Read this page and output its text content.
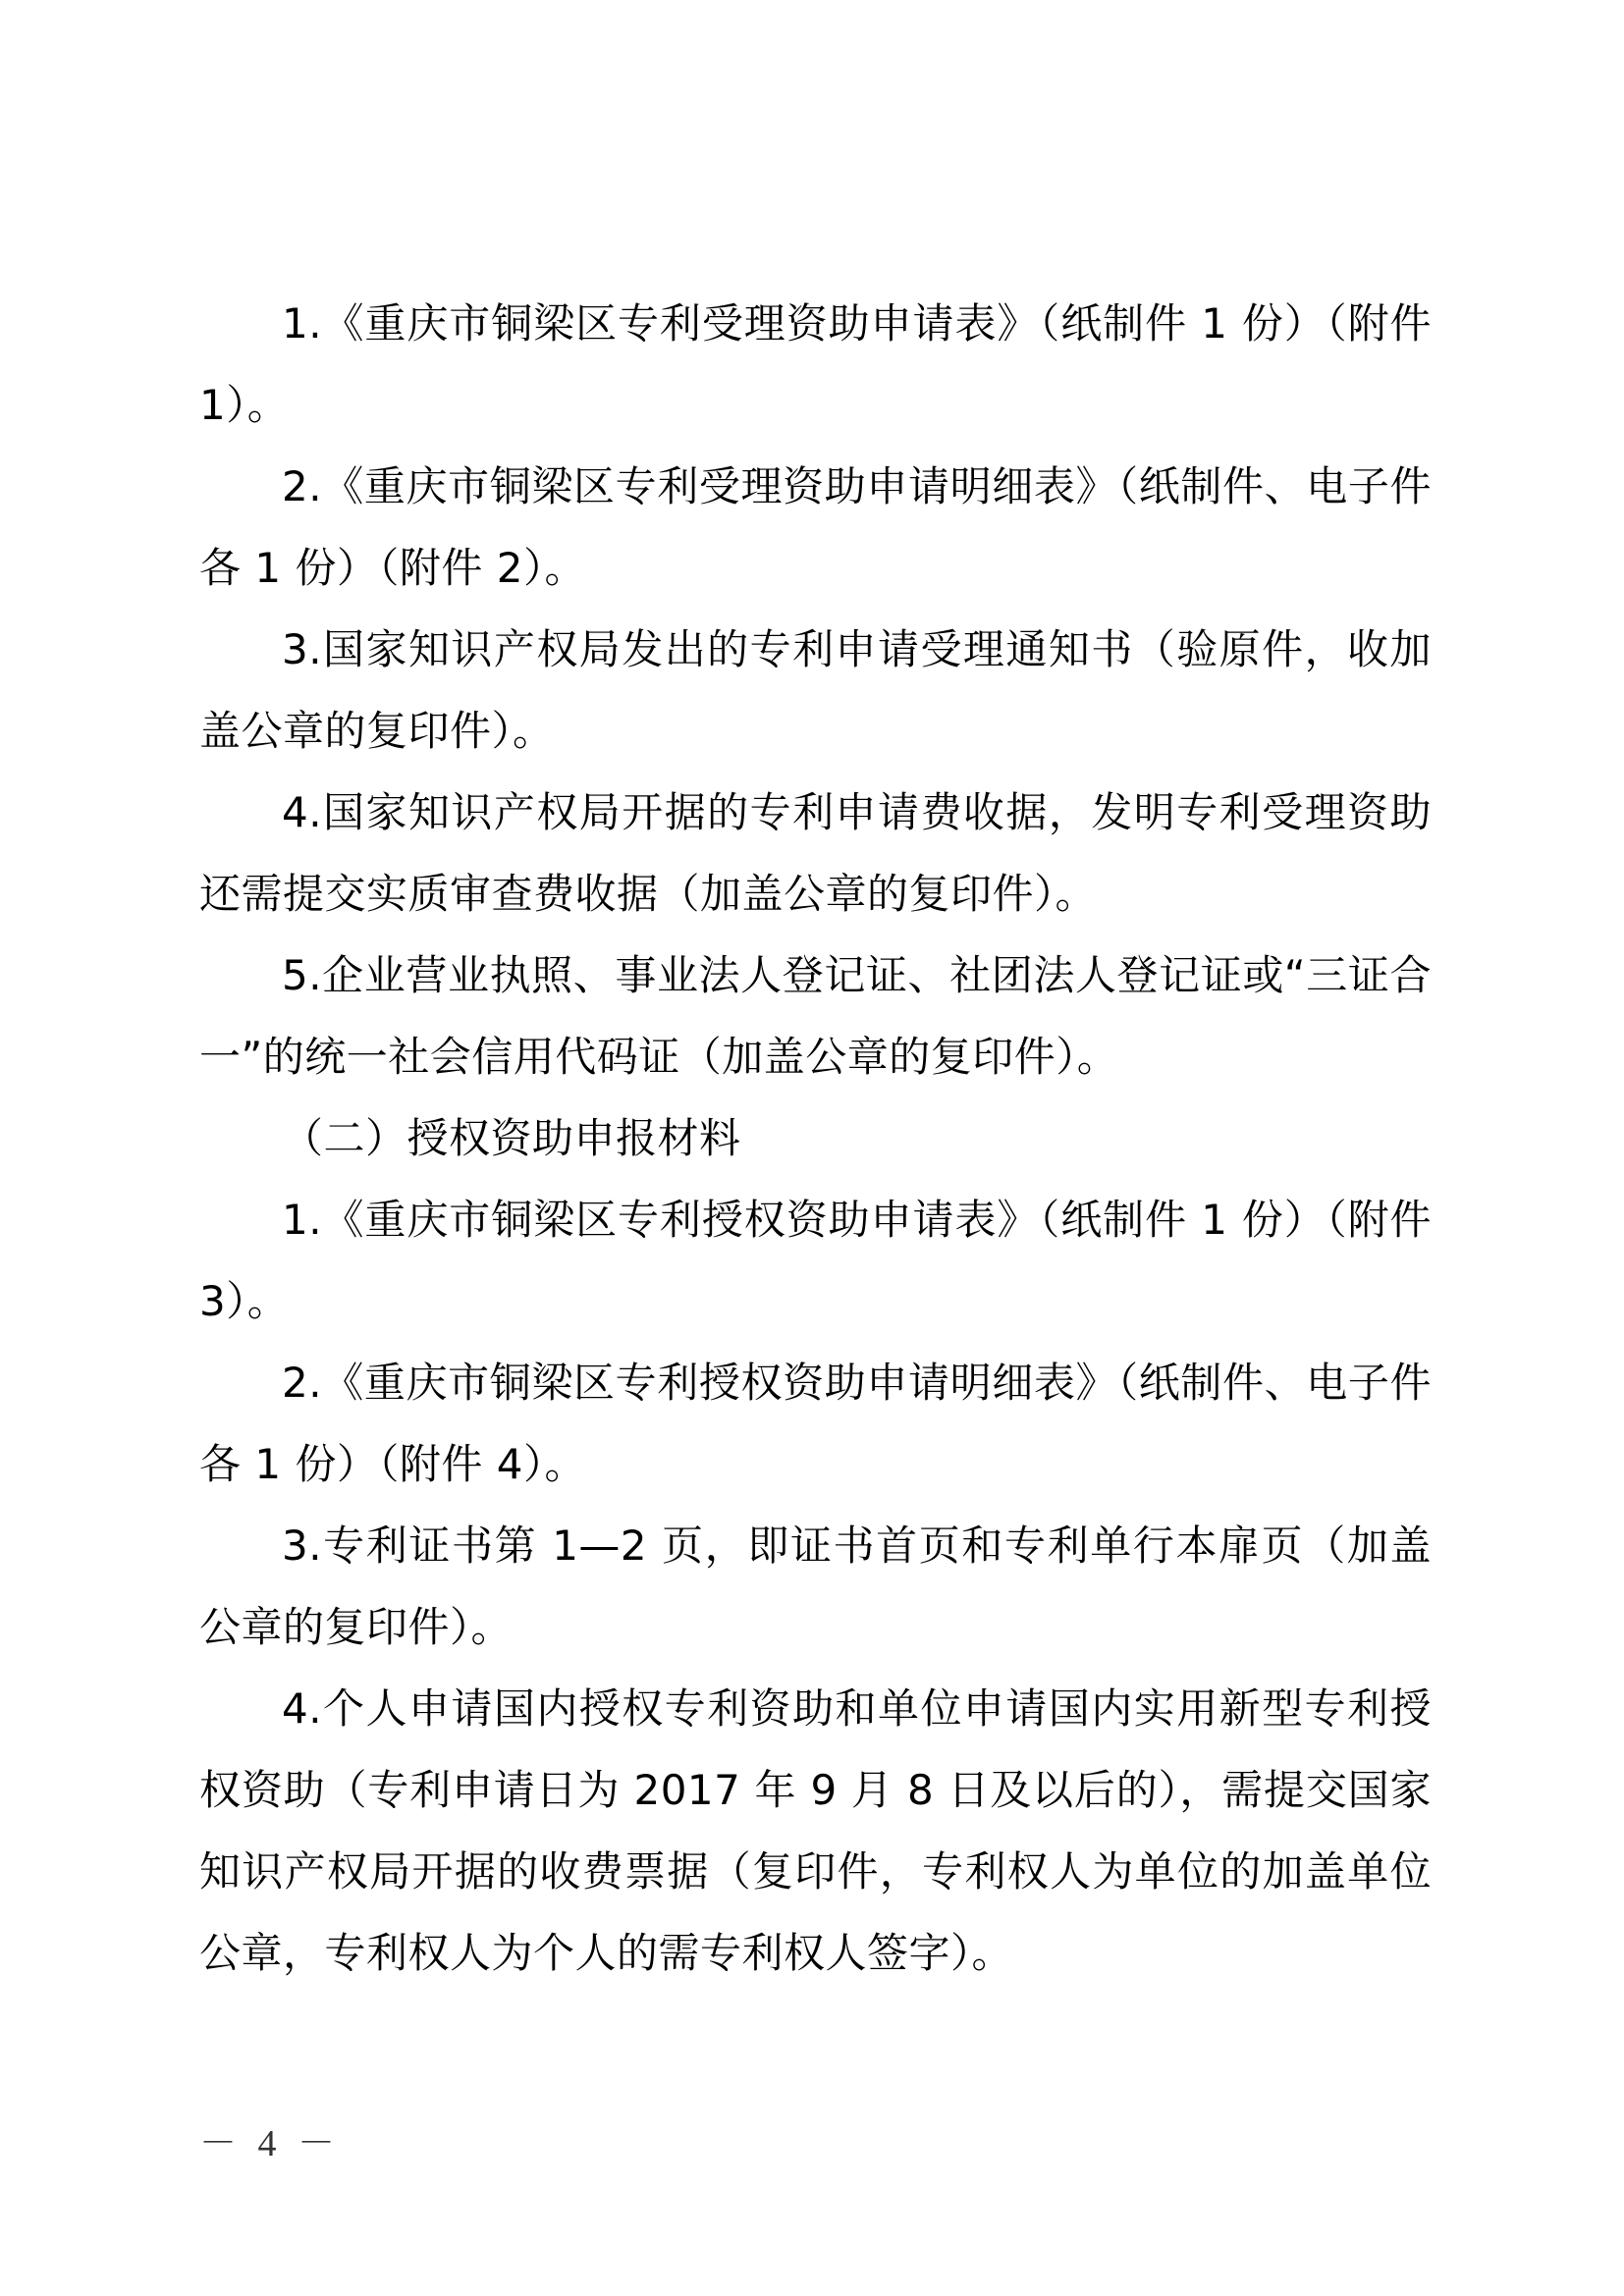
1.《重庆市铜梁区专利受理资助申请表》（纸制件 1 份）（附件 1）。

2.《重庆市铜梁区专利受理资助申请明细表》（纸制件、电子件各 1 份）（附件 2）。

3.国家知识产权局发出的专利申请受理通知书（验原件，收加盖公章的复印件）。

4.国家知识产权局开据的专利申请费收据，发明专利受理资助还需提交实质审查费收据（加盖公章的复印件）。

5.企业营业执照、事业法人登记证、社团法人登记证或“三证合一”的统一社会信用代码证（加盖公章的复印件）。

（二）授权资助申报材料

1.《重庆市铜梁区专利授权资助申请表》（纸制件 1 份）（附件 3）。

2.《重庆市铜梁区专利授权资助申请明细表》（纸制件、电子件各 1 份）（附件 4）。

3.专利证书第 1—2 页，即证书首页和专利单行本扉页（加盖公章的复印件）。

4.个人申请国内授权专利资助和单位申请国内实用新型专利授权资助（专利申请日为 2017 年 9 月 8 日及以后的），需提交国家知识产权局开据的收费票据（复印件，专利权人为单位的加盖单位公章，专利权人为个人的需专利权人签字）。

－ 4 －
